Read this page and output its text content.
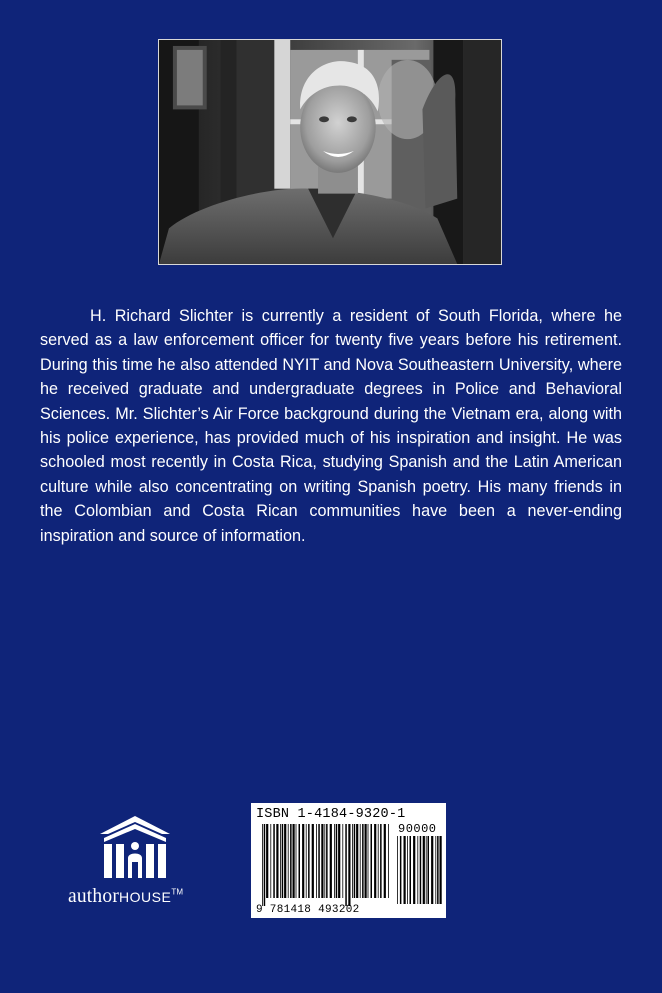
H. Richard Slichter is currently a resident of South Florida, where he served as a law enforcement officer for twenty five years before his retirement. During this time he also attended NYIT and Nova Southeastern University, where he received graduate and undergraduate degrees in Police and Behavioral Sciences. Mr. Slichter’s Air Force background during the Vietnam era, along with his police experience, has provided much of his inspiration and insight. He was schooled most recently in Costa Rica, studying Spanish and the Latin American culture while also concentrating on writing Spanish poetry. His many friends in the Colombian and Costa Rican communities have been a never-ending inspiration and source of information.

authorHOUSE™
ISBN 1-4184-9320-1
90000
9 781418 493202
